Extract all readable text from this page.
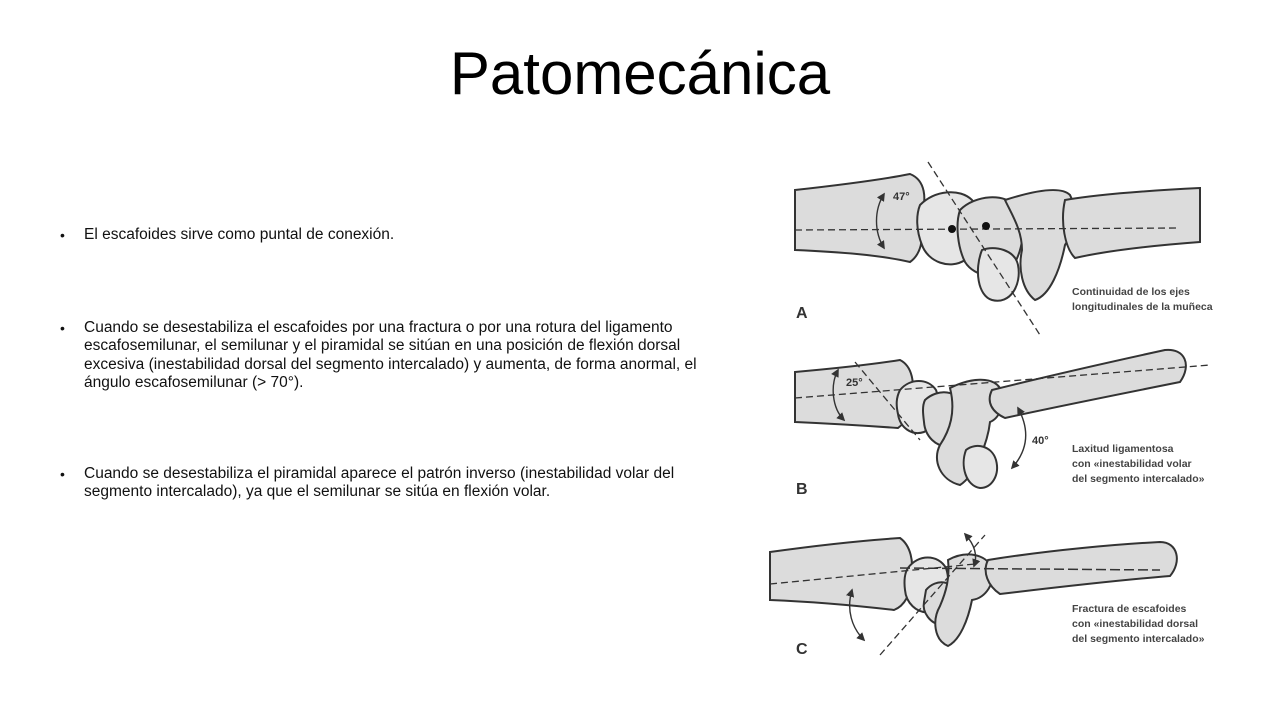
Patomecánica
• El escafoides sirve como puntal de conexión.
• Cuando se desestabiliza el escafoides por una fractura o por una rotura del ligamento escafosemilunar, el semilunar y el piramidal se sitúan en una posición de flexión dorsal excesiva (inestabilidad dorsal del segmento intercalado) y aumenta, de forma anormal, el ángulo escafosemilunar (> 70°).
• Cuando se desestabiliza el piramidal aparece el patrón inverso (inestabilidad volar del segmento intercalado), ya que el semilunar se sitúa en flexión volar.
47°
A
Continuidad de los ejes
longitudinales de la muñeca
25°
40°
B
Laxitud ligamentosa
con «inestabilidad volar
del segmento intercalado»
C
Fractura de escafoides
con «inestabilidad dorsal
del segmento intercalado»
